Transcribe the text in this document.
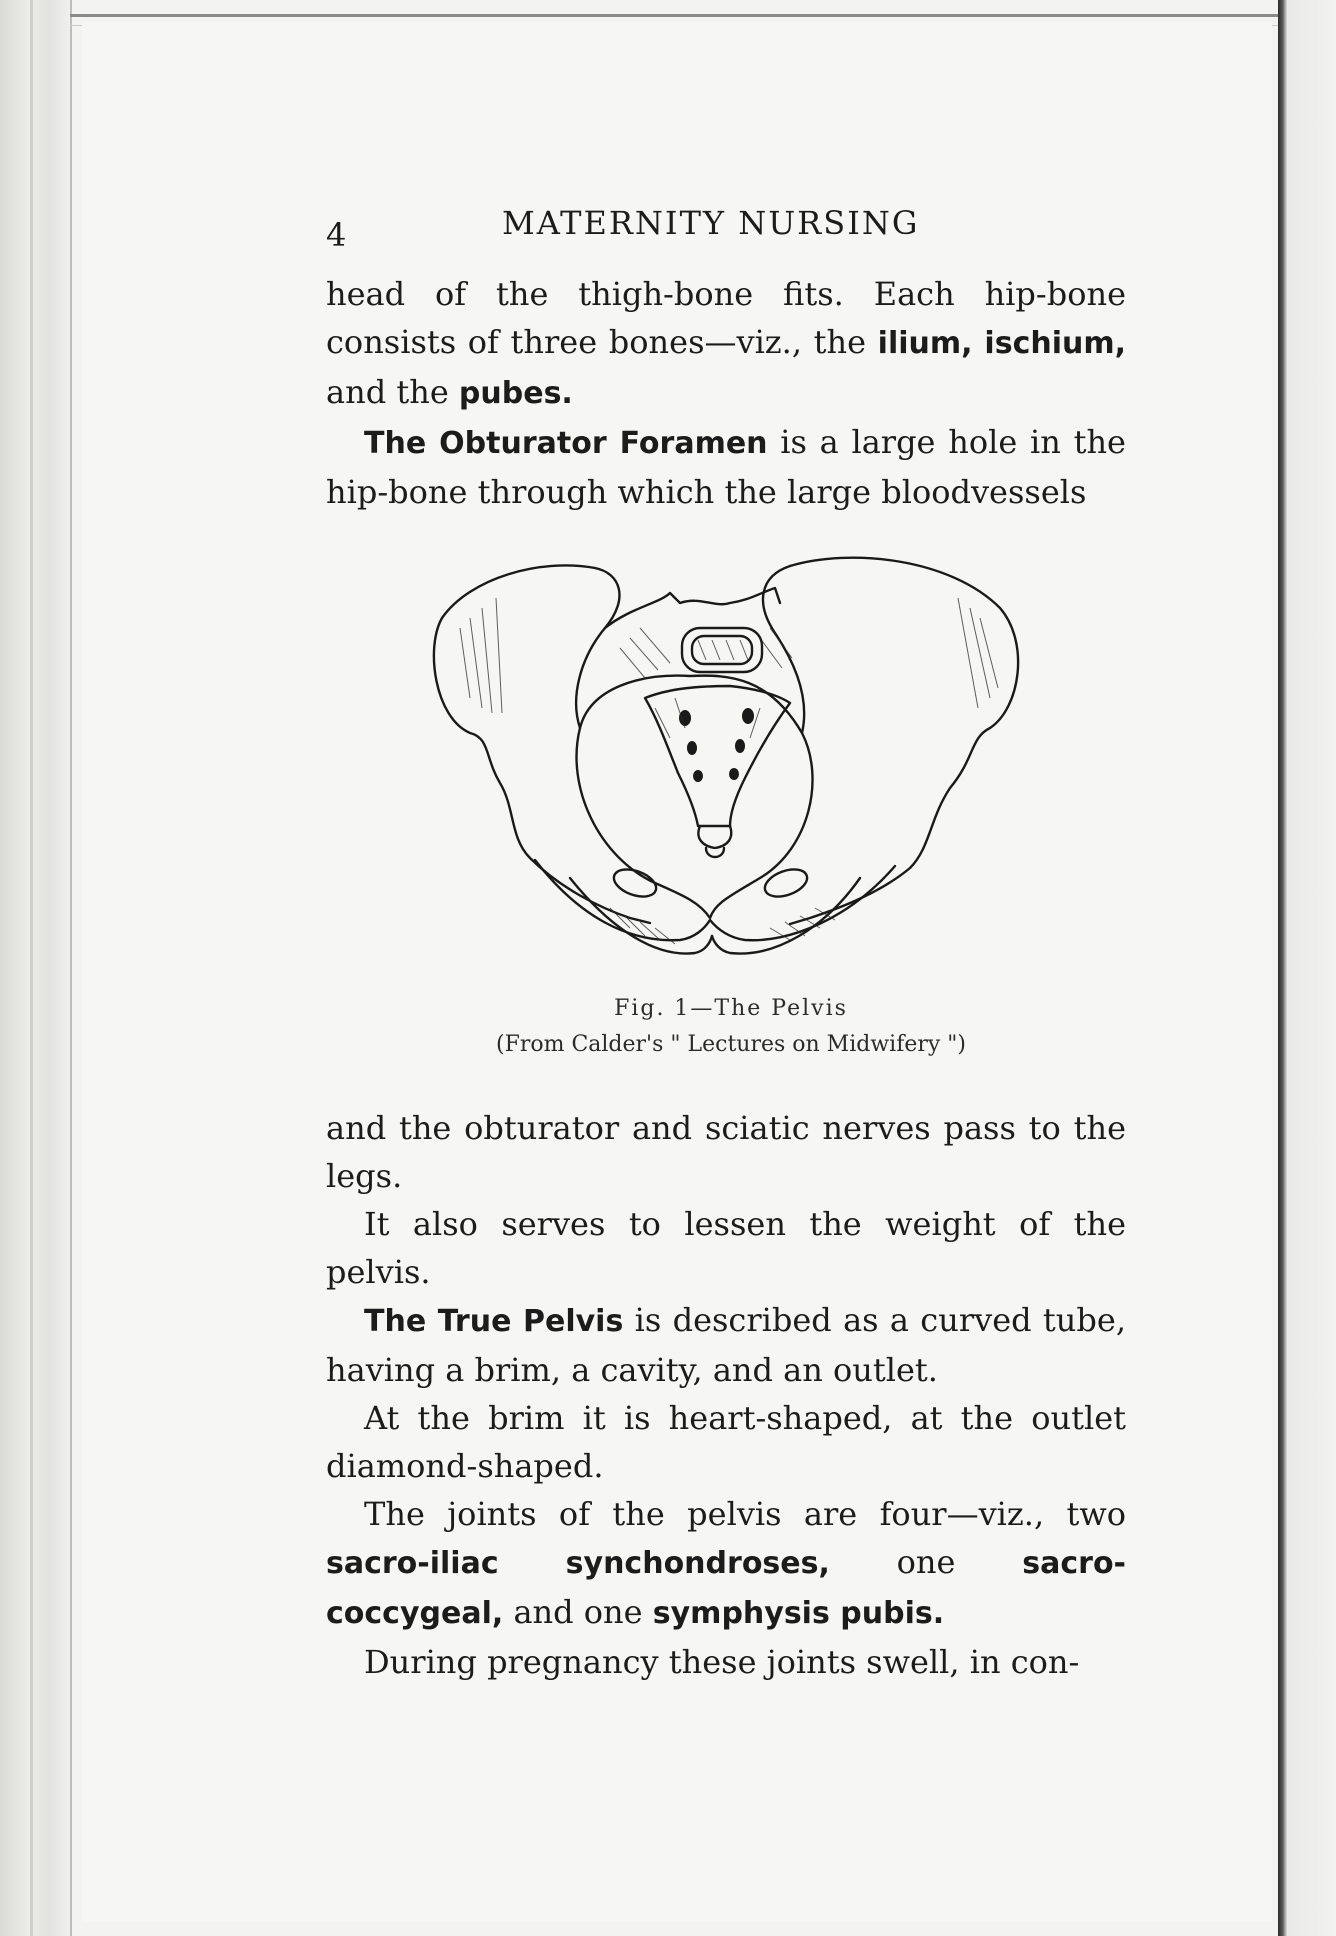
4	MATERNITY NURSING

head of the thigh-bone fits. Each hip-bone consists of three bones—viz., the ilium, ischium, and the pubes.

The Obturator Foramen is a large hole in the hip-bone through which the large bloodvessels

Fig. 1—The Pelvis
(From Calder's " Lectures on Midwifery ")

and the obturator and sciatic nerves pass to the legs.

It also serves to lessen the weight of the pelvis.

The True Pelvis is described as a curved tube, having a brim, a cavity, and an outlet.

At the brim it is heart-shaped, at the outlet diamond-shaped.

The joints of the pelvis are four—viz., two sacro-iliac synchondroses, one sacro-coccygeal, and one symphysis pubis.

During pregnancy these joints swell, in con-
